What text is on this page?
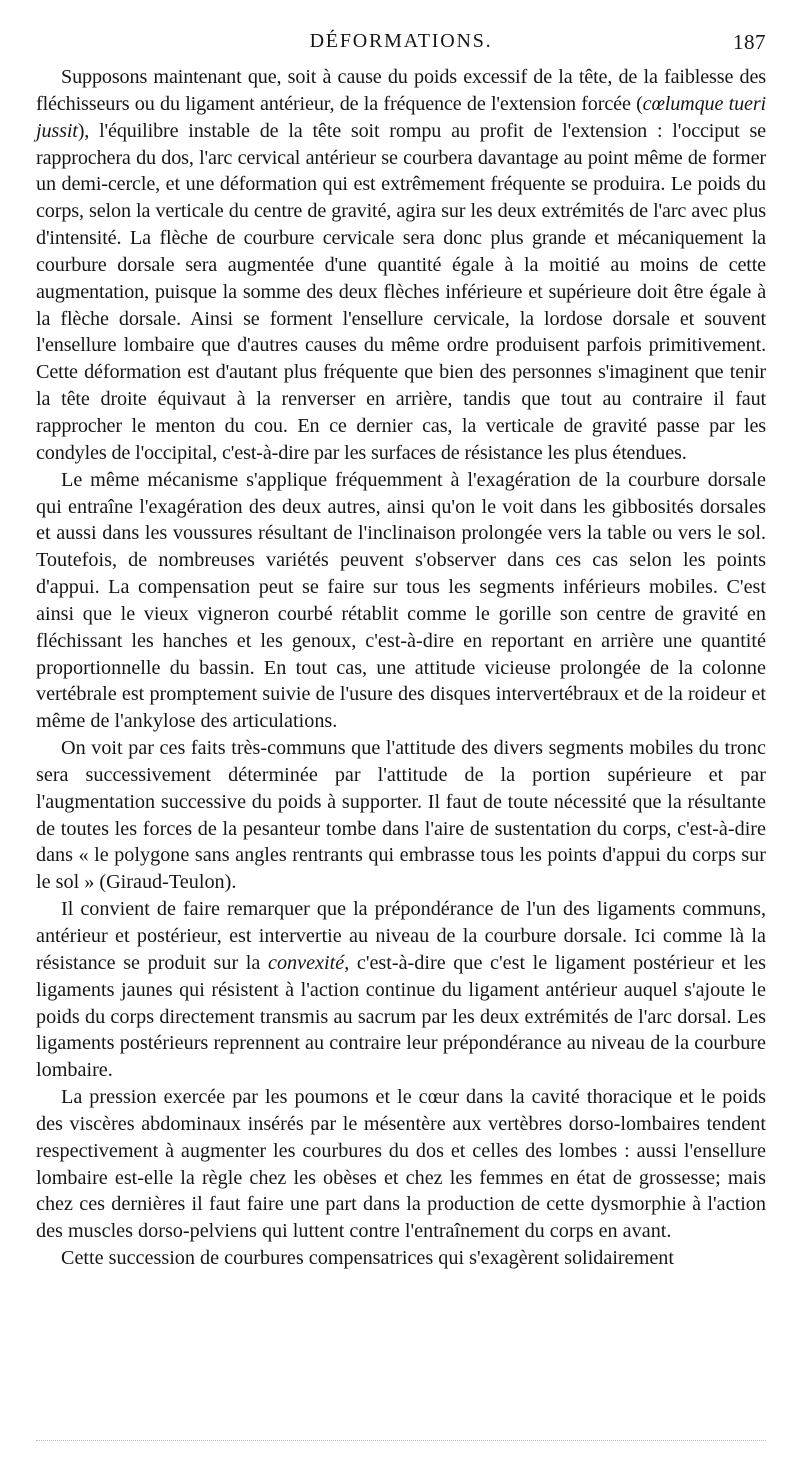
DÉFORMATIONS.	187

Supposons maintenant que, soit à cause du poids excessif de la tête, de la faiblesse des fléchisseurs ou du ligament antérieur, de la fréquence de l'extension forcée (cœlumque tueri jussit), l'équilibre instable de la tête soit rompu au profit de l'extension : l'occiput se rapprochera du dos, l'arc cervical antérieur se courbera davantage au point même de former un demi-cercle, et une déformation qui est extrêmement fréquente se produira. Le poids du corps, selon la verticale du centre de gravité, agira sur les deux extrémités de l'arc avec plus d'intensité. La flèche de courbure cervicale sera donc plus grande et mécaniquement la courbure dorsale sera augmentée d'une quantité égale à la moitié au moins de cette augmentation, puisque la somme des deux flèches inférieure et supérieure doit être égale à la flèche dorsale. Ainsi se forment l'ensellure cervicale, la lordose dorsale et souvent l'ensellure lombaire que d'autres causes du même ordre produisent parfois primitivement. Cette déformation est d'autant plus fréquente que bien des personnes s'imaginent que tenir la tête droite équivaut à la renverser en arrière, tandis que tout au contraire il faut rapprocher le menton du cou. En ce dernier cas, la verticale de gravité passe par les condyles de l'occipital, c'est-à-dire par les surfaces de résistance les plus étendues.

Le même mécanisme s'applique fréquemment à l'exagération de la courbure dorsale qui entraîne l'exagération des deux autres, ainsi qu'on le voit dans les gibbosités dorsales et aussi dans les voussures résultant de l'inclinaison prolongée vers la table ou vers le sol. Toutefois, de nombreuses variétés peuvent s'observer dans ces cas selon les points d'appui. La compensation peut se faire sur tous les segments inférieurs mobiles. C'est ainsi que le vieux vigneron courbé rétablit comme le gorille son centre de gravité en fléchissant les hanches et les genoux, c'est-à-dire en reportant en arrière une quantité proportionnelle du bassin. En tout cas, une attitude vicieuse prolongée de la colonne vertébrale est promptement suivie de l'usure des disques intervertébraux et de la roideur et même de l'ankylose des articulations.

On voit par ces faits très-communs que l'attitude des divers segments mobiles du tronc sera successivement déterminée par l'attitude de la portion supérieure et par l'augmentation successive du poids à supporter. Il faut de toute nécessité que la résultante de toutes les forces de la pesanteur tombe dans l'aire de sustentation du corps, c'est-à-dire dans « le polygone sans angles rentrants qui embrasse tous les points d'appui du corps sur le sol » (Giraud-Teulon).

Il convient de faire remarquer que la prépondérance de l'un des ligaments communs, antérieur et postérieur, est intervertie au niveau de la courbure dorsale. Ici comme là la résistance se produit sur la convexité, c'est-à-dire que c'est le ligament postérieur et les ligaments jaunes qui résistent à l'action continue du ligament antérieur auquel s'ajoute le poids du corps directement transmis au sacrum par les deux extrémités de l'arc dorsal. Les ligaments postérieurs reprennent au contraire leur prépondérance au niveau de la courbure lombaire.

La pression exercée par les poumons et le cœur dans la cavité thoracique et le poids des viscères abdominaux insérés par le mésentère aux vertèbres dorso-lombaires tendent respectivement à augmenter les courbures du dos et celles des lombes : aussi l'ensellure lombaire est-elle la règle chez les obèses et chez les femmes en état de grossesse; mais chez ces dernières il faut faire une part dans la production de cette dysmorphie à l'action des muscles dorso-pelviens qui luttent contre l'entraînement du corps en avant.

Cette succession de courbures compensatrices qui s'exagèrent solidairement
